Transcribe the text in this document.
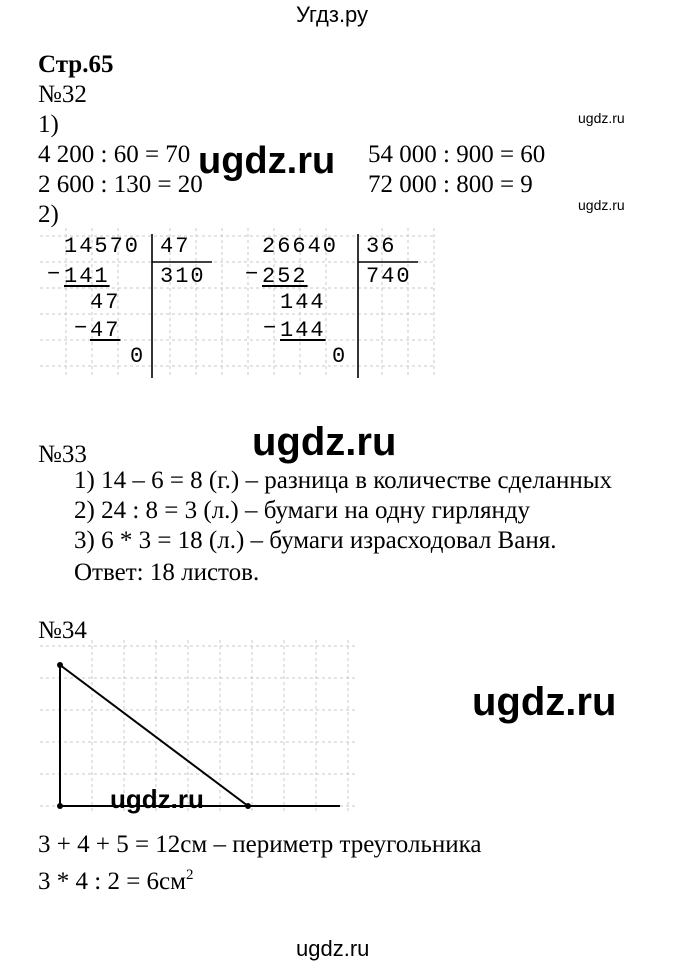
Угдз.ру
Стр.65
№32
1)
4 200 : 60 = 70	54 000 : 900 = 60
2 600 : 130 = 20	72 000 : 800 = 9
2)
ugdz.ru
ugdz.ru
ugdz.ru
14570 47
310
− 141
47
− 47
0
26640 36
740
− 252
144
− 144
0
№33	ugdz.ru
1) 14 – 6 = 8 (г.) – разница в количестве сделанных
2) 24 : 8 = 3 (л.) – бумаги на одну гирлянду
3) 6 * 3 = 18 (л.) – бумаги израсходовал Ваня.
Ответ: 18 листов.
№34
ugdz.ru
ugdz.ru
3 + 4 + 5 = 12см – периметр треугольника
3 * 4 : $2 = 6см^2$
ugdz.ru
